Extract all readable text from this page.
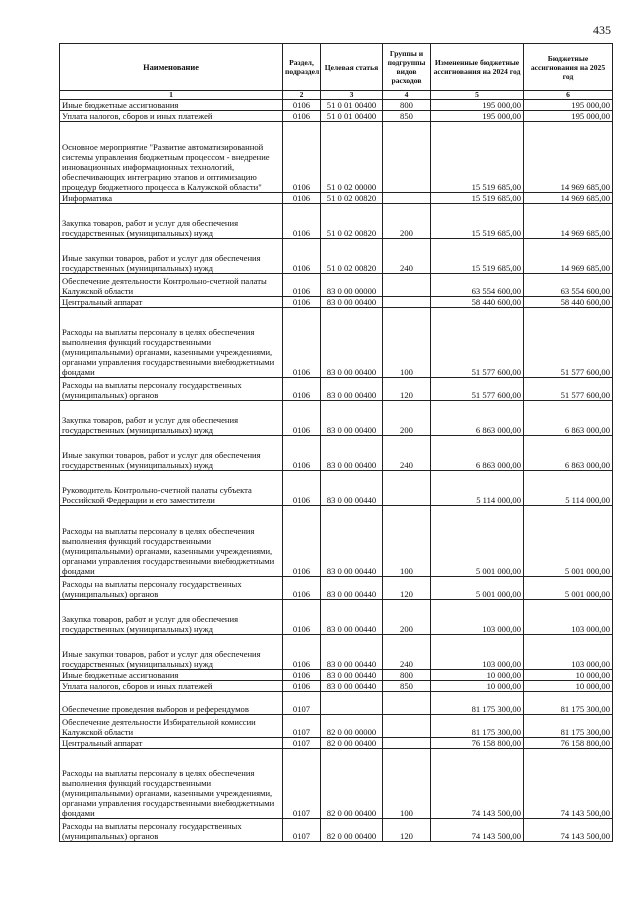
435
Наименование	Раздел, подраздел	Целевая статья	Группы и подгруппы видов расходов	Измененные бюджетные ассигнования на 2024 год	Бюджетные ассигнования на 2025 год
1	2	3	4	5	6
Иные бюджетные ассигнования	0106	51 0 01 00400	800	195 000,00	195 000,00
Уплата налогов, сборов и иных платежей	0106	51 0 01 00400	850	195 000,00	195 000,00
Основное мероприятие "Развитие автоматизированной системы управления бюджетным процессом - внедрение инновационных информационных технологий, обеспечивающих интеграцию этапов и оптимизацию процедур бюджетного процесса в Калужской области"	0106	51 0 02 00000		15 519 685,00	14 969 685,00
Информатика	0106	51 0 02 00820		15 519 685,00	14 969 685,00
Закупка товаров, работ и услуг для обеспечения государственных (муниципальных) нужд	0106	51 0 02 00820	200	15 519 685,00	14 969 685,00
Иные закупки товаров, работ и услуг для обеспечения государственных (муниципальных) нужд	0106	51 0 02 00820	240	15 519 685,00	14 969 685,00
Обеспечение деятельности Контрольно-счетной палаты Калужской области	0106	83 0 00 00000		63 554 600,00	63 554 600,00
Центральный аппарат	0106	83 0 00 00400		58 440 600,00	58 440 600,00
Расходы на выплаты персоналу в целях обеспечения выполнения функций государственными (муниципальными) органами, казенными учреждениями, органами управления государственными внебюджетными фондами	0106	83 0 00 00400	100	51 577 600,00	51 577 600,00
Расходы на выплаты персоналу государственных (муниципальных) органов	0106	83 0 00 00400	120	51 577 600,00	51 577 600,00
Закупка товаров, работ и услуг для обеспечения государственных (муниципальных) нужд	0106	83 0 00 00400	200	6 863 000,00	6 863 000,00
Иные закупки товаров, работ и услуг для обеспечения государственных (муниципальных) нужд	0106	83 0 00 00400	240	6 863 000,00	6 863 000,00
Руководитель Контрольно-счетной палаты субъекта Российской Федерации и его заместители	0106	83 0 00 00440		5 114 000,00	5 114 000,00
Расходы на выплаты персоналу в целях обеспечения выполнения функций государственными (муниципальными) органами, казенными учреждениями, органами управления государственными внебюджетными фондами	0106	83 0 00 00440	100	5 001 000,00	5 001 000,00
Расходы на выплаты персоналу государственных (муниципальных) органов	0106	83 0 00 00440	120	5 001 000,00	5 001 000,00
Закупка товаров, работ и услуг для обеспечения государственных (муниципальных) нужд	0106	83 0 00 00440	200	103 000,00	103 000,00
Иные закупки товаров, работ и услуг для обеспечения государственных (муниципальных) нужд	0106	83 0 00 00440	240	103 000,00	103 000,00
Иные бюджетные ассигнования	0106	83 0 00 00440	800	10 000,00	10 000,00
Уплата налогов, сборов и иных платежей	0106	83 0 00 00440	850	10 000,00	10 000,00
Обеспечение проведения выборов и референдумов	0107			81 175 300,00	81 175 300,00
Обеспечение деятельности Избирательной комиссии Калужской области	0107	82 0 00 00000		81 175 300,00	81 175 300,00
Центральный аппарат	0107	82 0 00 00400		76 158 800,00	76 158 800,00
Расходы на выплаты персоналу в целях обеспечения выполнения функций государственными (муниципальными) органами, казенными учреждениями, органами управления государственными внебюджетными фондами	0107	82 0 00 00400	100	74 143 500,00	74 143 500,00
Расходы на выплаты персоналу государственных (муниципальных) органов	0107	82 0 00 00400	120	74 143 500,00	74 143 500,00
